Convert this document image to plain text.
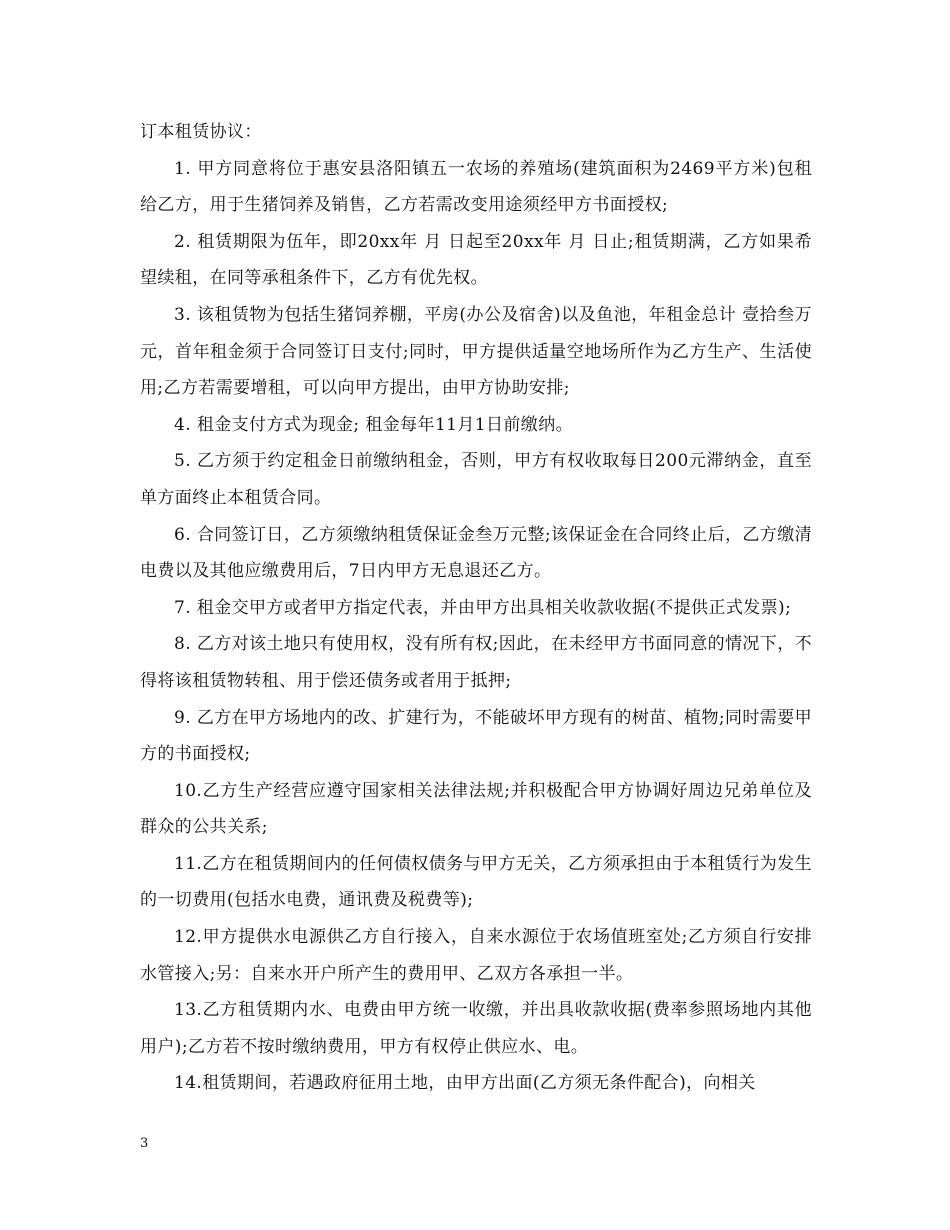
订本租赁协议：

1. 甲方同意将位于惠安县洛阳镇五一农场的养殖场(建筑面积为2469平方米)包租给乙方，用于生猪饲养及销售，乙方若需改变用途须经甲方书面授权;

2. 租赁期限为伍年，即20xx年 月 日起至20xx年 月 日止;租赁期满，乙方如果希望续租，在同等承租条件下，乙方有优先权。

3. 该租赁物为包括生猪饲养棚，平房(办公及宿舍)以及鱼池，年租金总计 壹拾叁万 元，首年租金须于合同签订日支付;同时，甲方提供适量空地场所作为乙方生产、生活使用;乙方若需要增租，可以向甲方提出，由甲方协助安排;

4. 租金支付方式为现金; 租金每年11月1日前缴纳。

5. 乙方须于约定租金日前缴纳租金，否则，甲方有权收取每日200元滞纳金，直至单方面终止本租赁合同。

6. 合同签订日，乙方须缴纳租赁保证金叁万元整;该保证金在合同终止后，乙方缴清电费以及其他应缴费用后，7日内甲方无息退还乙方。

7. 租金交甲方或者甲方指定代表，并由甲方出具相关收款收据(不提供正式发票);

8. 乙方对该土地只有使用权，没有所有权;因此，在未经甲方书面同意的情况下，不得将该租赁物转租、用于偿还债务或者用于抵押;

9. 乙方在甲方场地内的改、扩建行为，不能破坏甲方现有的树苗、植物;同时需要甲方的书面授权;

10.乙方生产经营应遵守国家相关法律法规;并积极配合甲方协调好周边兄弟单位及群众的公共关系;

11.乙方在租赁期间内的任何债权债务与甲方无关，乙方须承担由于本租赁行为发生的一切费用(包括水电费，通讯费及税费等);

12.甲方提供水电源供乙方自行接入，自来水源位于农场值班室处;乙方须自行安排水管接入;另：自来水开户所产生的费用甲、乙双方各承担一半。

13.乙方租赁期内水、电费由甲方统一收缴，并出具收款收据(费率参照场地内其他用户);乙方若不按时缴纳费用，甲方有权停止供应水、电。

14.租赁期间，若遇政府征用土地，由甲方出面(乙方须无条件配合)，向相关

3
